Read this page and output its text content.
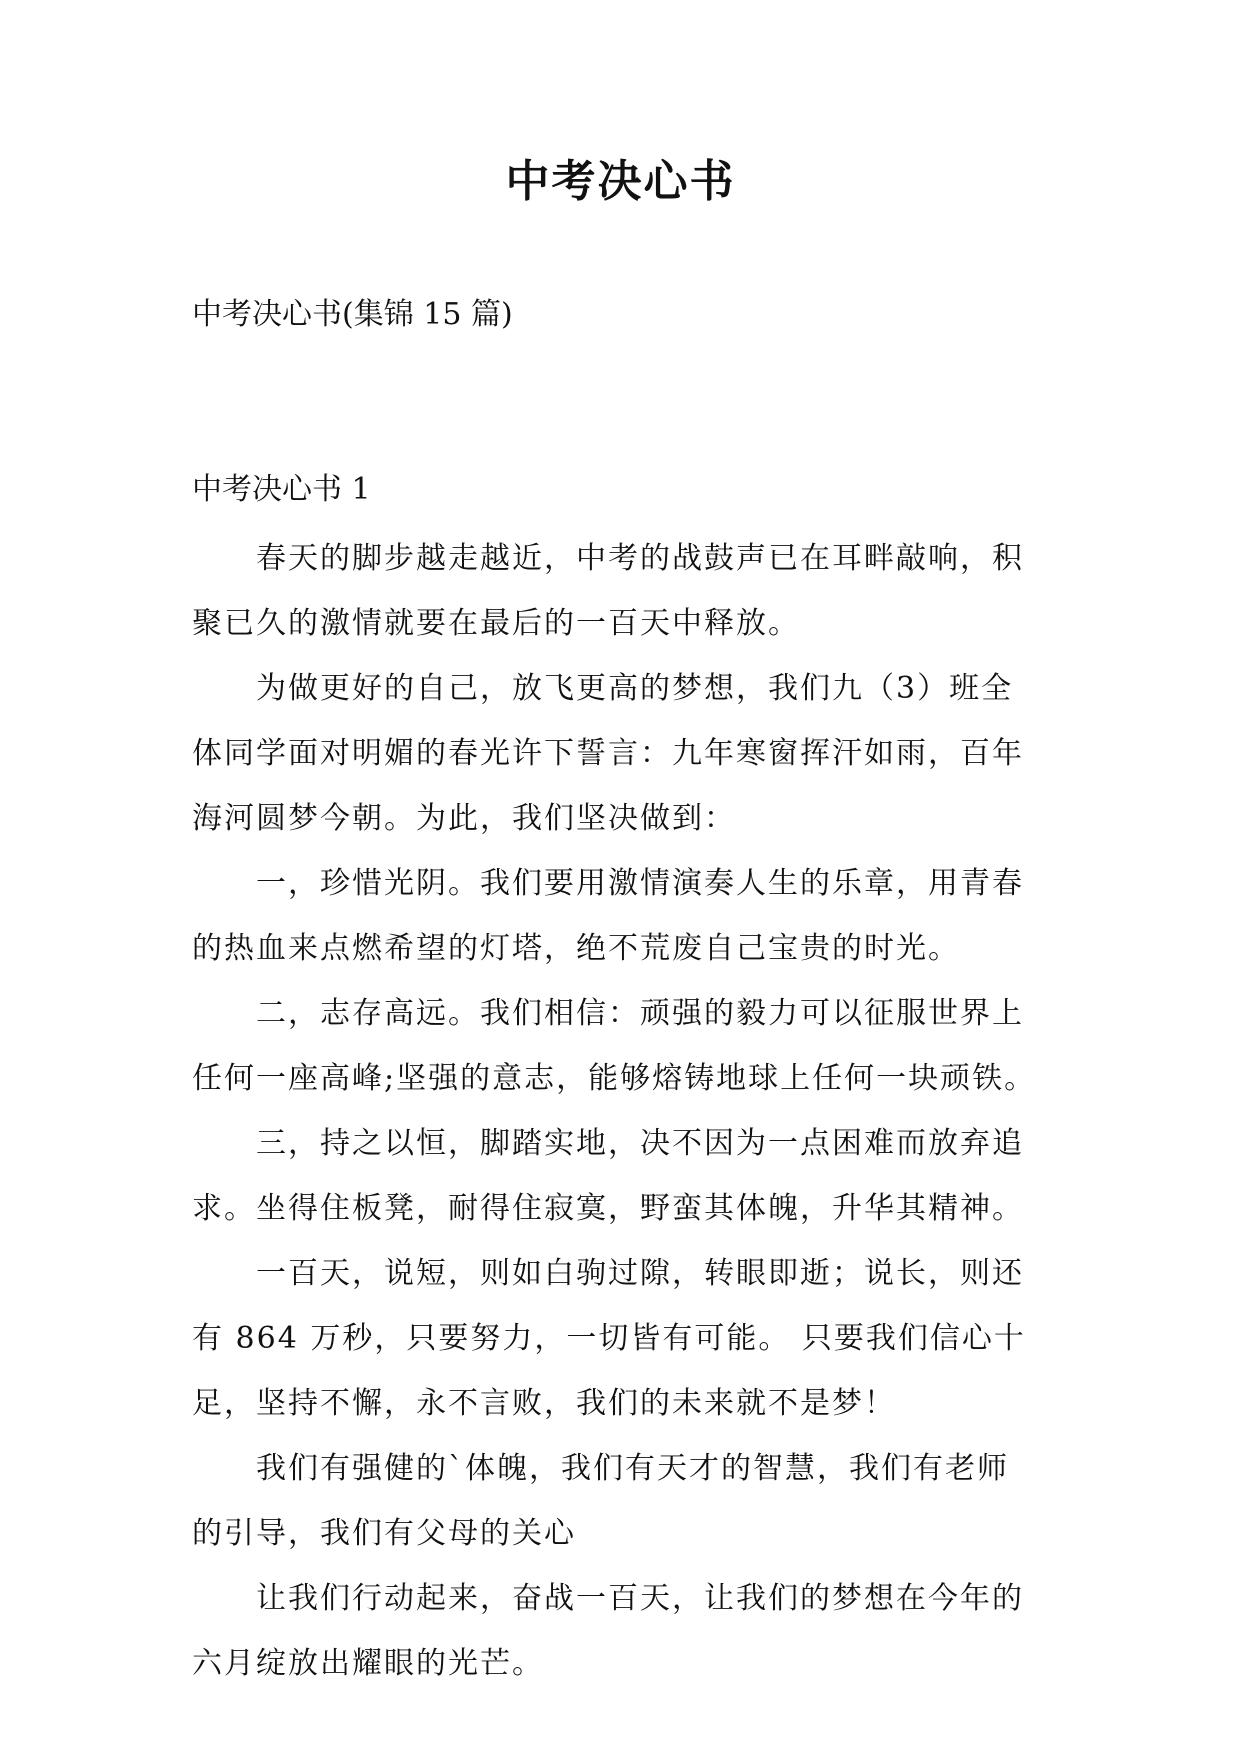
中考决心书
中考决心书(集锦 15 篇)
中考决心书 1

春天的脚步越走越近，中考的战鼓声已在耳畔敲响，积
聚已久的激情就要在最后的一百天中释放。

为做更好的自己，放飞更高的梦想，我们九（3）班全
体同学面对明媚的春光许下誓言：九年寒窗挥汗如雨，百年
海河圆梦今朝。为此，我们坚决做到：

一，珍惜光阴。我们要用激情演奏人生的乐章，用青春
的热血来点燃希望的灯塔，绝不荒废自己宝贵的时光。

二，志存高远。我们相信：顽强的毅力可以征服世界上
任何一座高峰;坚强的意志，能够熔铸地球上任何一块顽铁。

三，持之以恒，脚踏实地，决不因为一点困难而放弃追
求。坐得住板凳，耐得住寂寞，野蛮其体魄，升华其精神。

一百天，说短，则如白驹过隙，转眼即逝；说长，则还
有 864 万秒，只要努力，一切皆有可能。 只要我们信心十
足，坚持不懈，永不言败，我们的未来就不是梦！

我们有强健的`体魄，我们有天才的智慧，我们有老师
的引导，我们有父母的关心

让我们行动起来，奋战一百天，让我们的梦想在今年的
六月绽放出耀眼的光芒。
